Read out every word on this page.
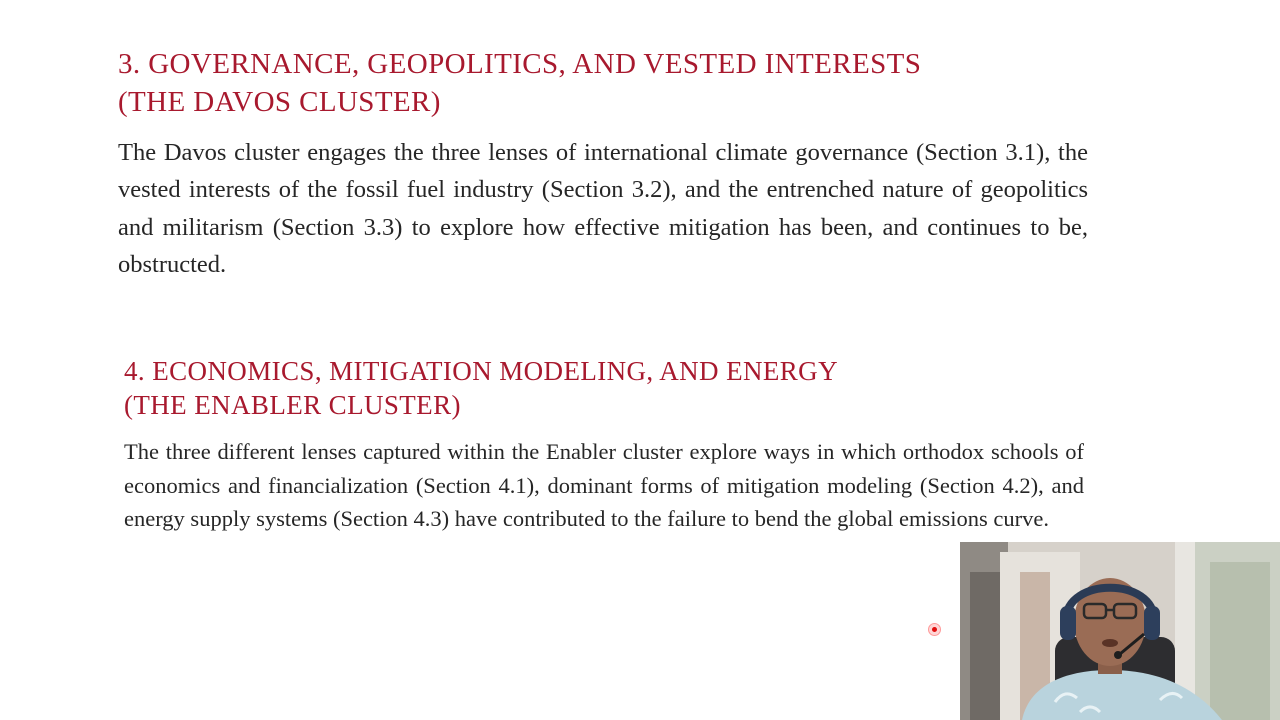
3. GOVERNANCE, GEOPOLITICS, AND VESTED INTERESTS
(THE DAVOS CLUSTER)

The Davos cluster engages the three lenses of international climate governance (Section 3.1), the vested interests of the fossil fuel industry (Section 3.2), and the entrenched nature of geopolitics and militarism (Section 3.3) to explore how effective mitigation has been, and continues to be, obstructed.

4. ECONOMICS, MITIGATION MODELING, AND ENERGY
(THE ENABLER CLUSTER)

The three different lenses captured within the Enabler cluster explore ways in which orthodox schools of economics and financialization (Section 4.1), dominant forms of mitigation modeling (Section 4.2), and energy supply systems (Section 4.3) have contributed to the failure to bend the global emissions curve.
